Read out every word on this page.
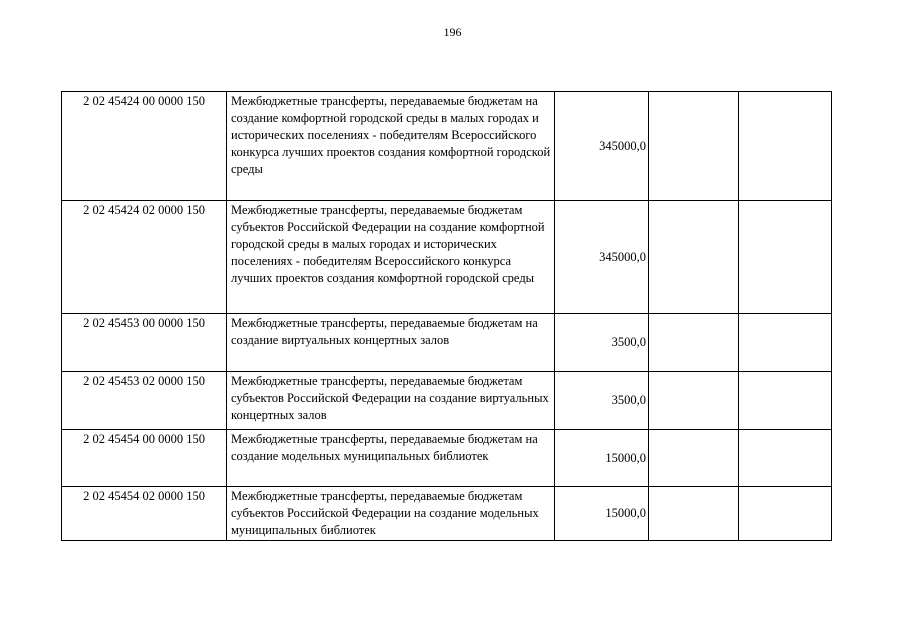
196
2 02 45424 00 0000 150	Межбюджетные трансферты, передаваемые бюджетам на создание комфортной городской среды в малых городах и исторических поселениях - победителям Всероссийского конкурса лучших проектов создания комфортной городской среды	345000,0		
2 02 45424 02 0000 150	Межбюджетные трансферты, передаваемые бюджетам субъектов Российской Федерации на создание комфортной городской среды в малых городах и исторических поселениях - победителям Всероссийского конкурса лучших проектов создания комфортной городской среды	345000,0		
2 02 45453 00 0000 150	Межбюджетные трансферты, передаваемые бюджетам на создание виртуальных концертных залов	3500,0		
2 02 45453 02 0000 150	Межбюджетные трансферты, передаваемые бюджетам субъектов Российской Федерации на создание виртуальных концертных залов	3500,0		
2 02 45454 00 0000 150	Межбюджетные трансферты, передаваемые бюджетам на создание модельных муниципальных библиотек	15000,0		
2 02 45454 02 0000 150	Межбюджетные трансферты, передаваемые бюджетам субъектов Российской Федерации на создание модельных муниципальных библиотек	15000,0		
